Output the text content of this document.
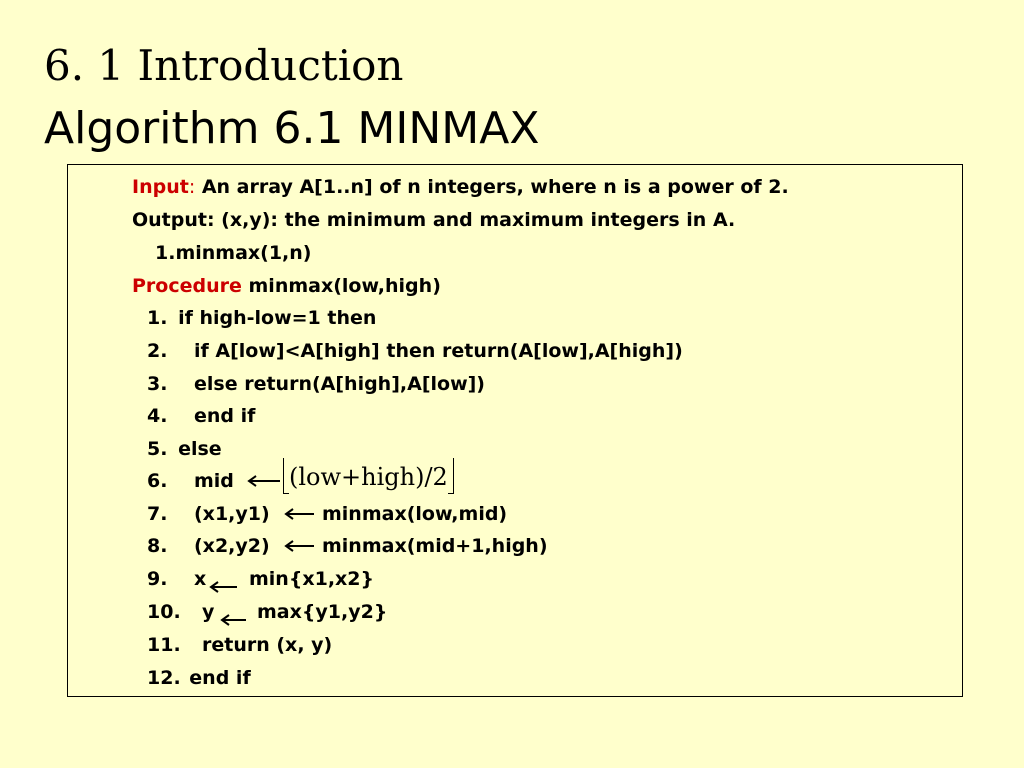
6. 1 Introduction
Algorithm 6.1 MINMAX
Input: An array A[1..n] of n integers, where n is a power of 2.
Output: (x,y): the minimum and maximum integers in A.
1.minmax(1,n)
Procedure minmax(low,high)
1. if high-low=1 then
2. if A[low]<A[high] then return(A[low],A[high])
3. else return(A[high],A[low])
4. end if
5. else
6. mid (low+high)/2
7. (x1,y1)	minmax(low,mid)
8. (x2,y2)	minmax(mid+1,high)
9. x min{x1,x2}
10. y max{y1,y2}
11. return (x, y)
12. end if
